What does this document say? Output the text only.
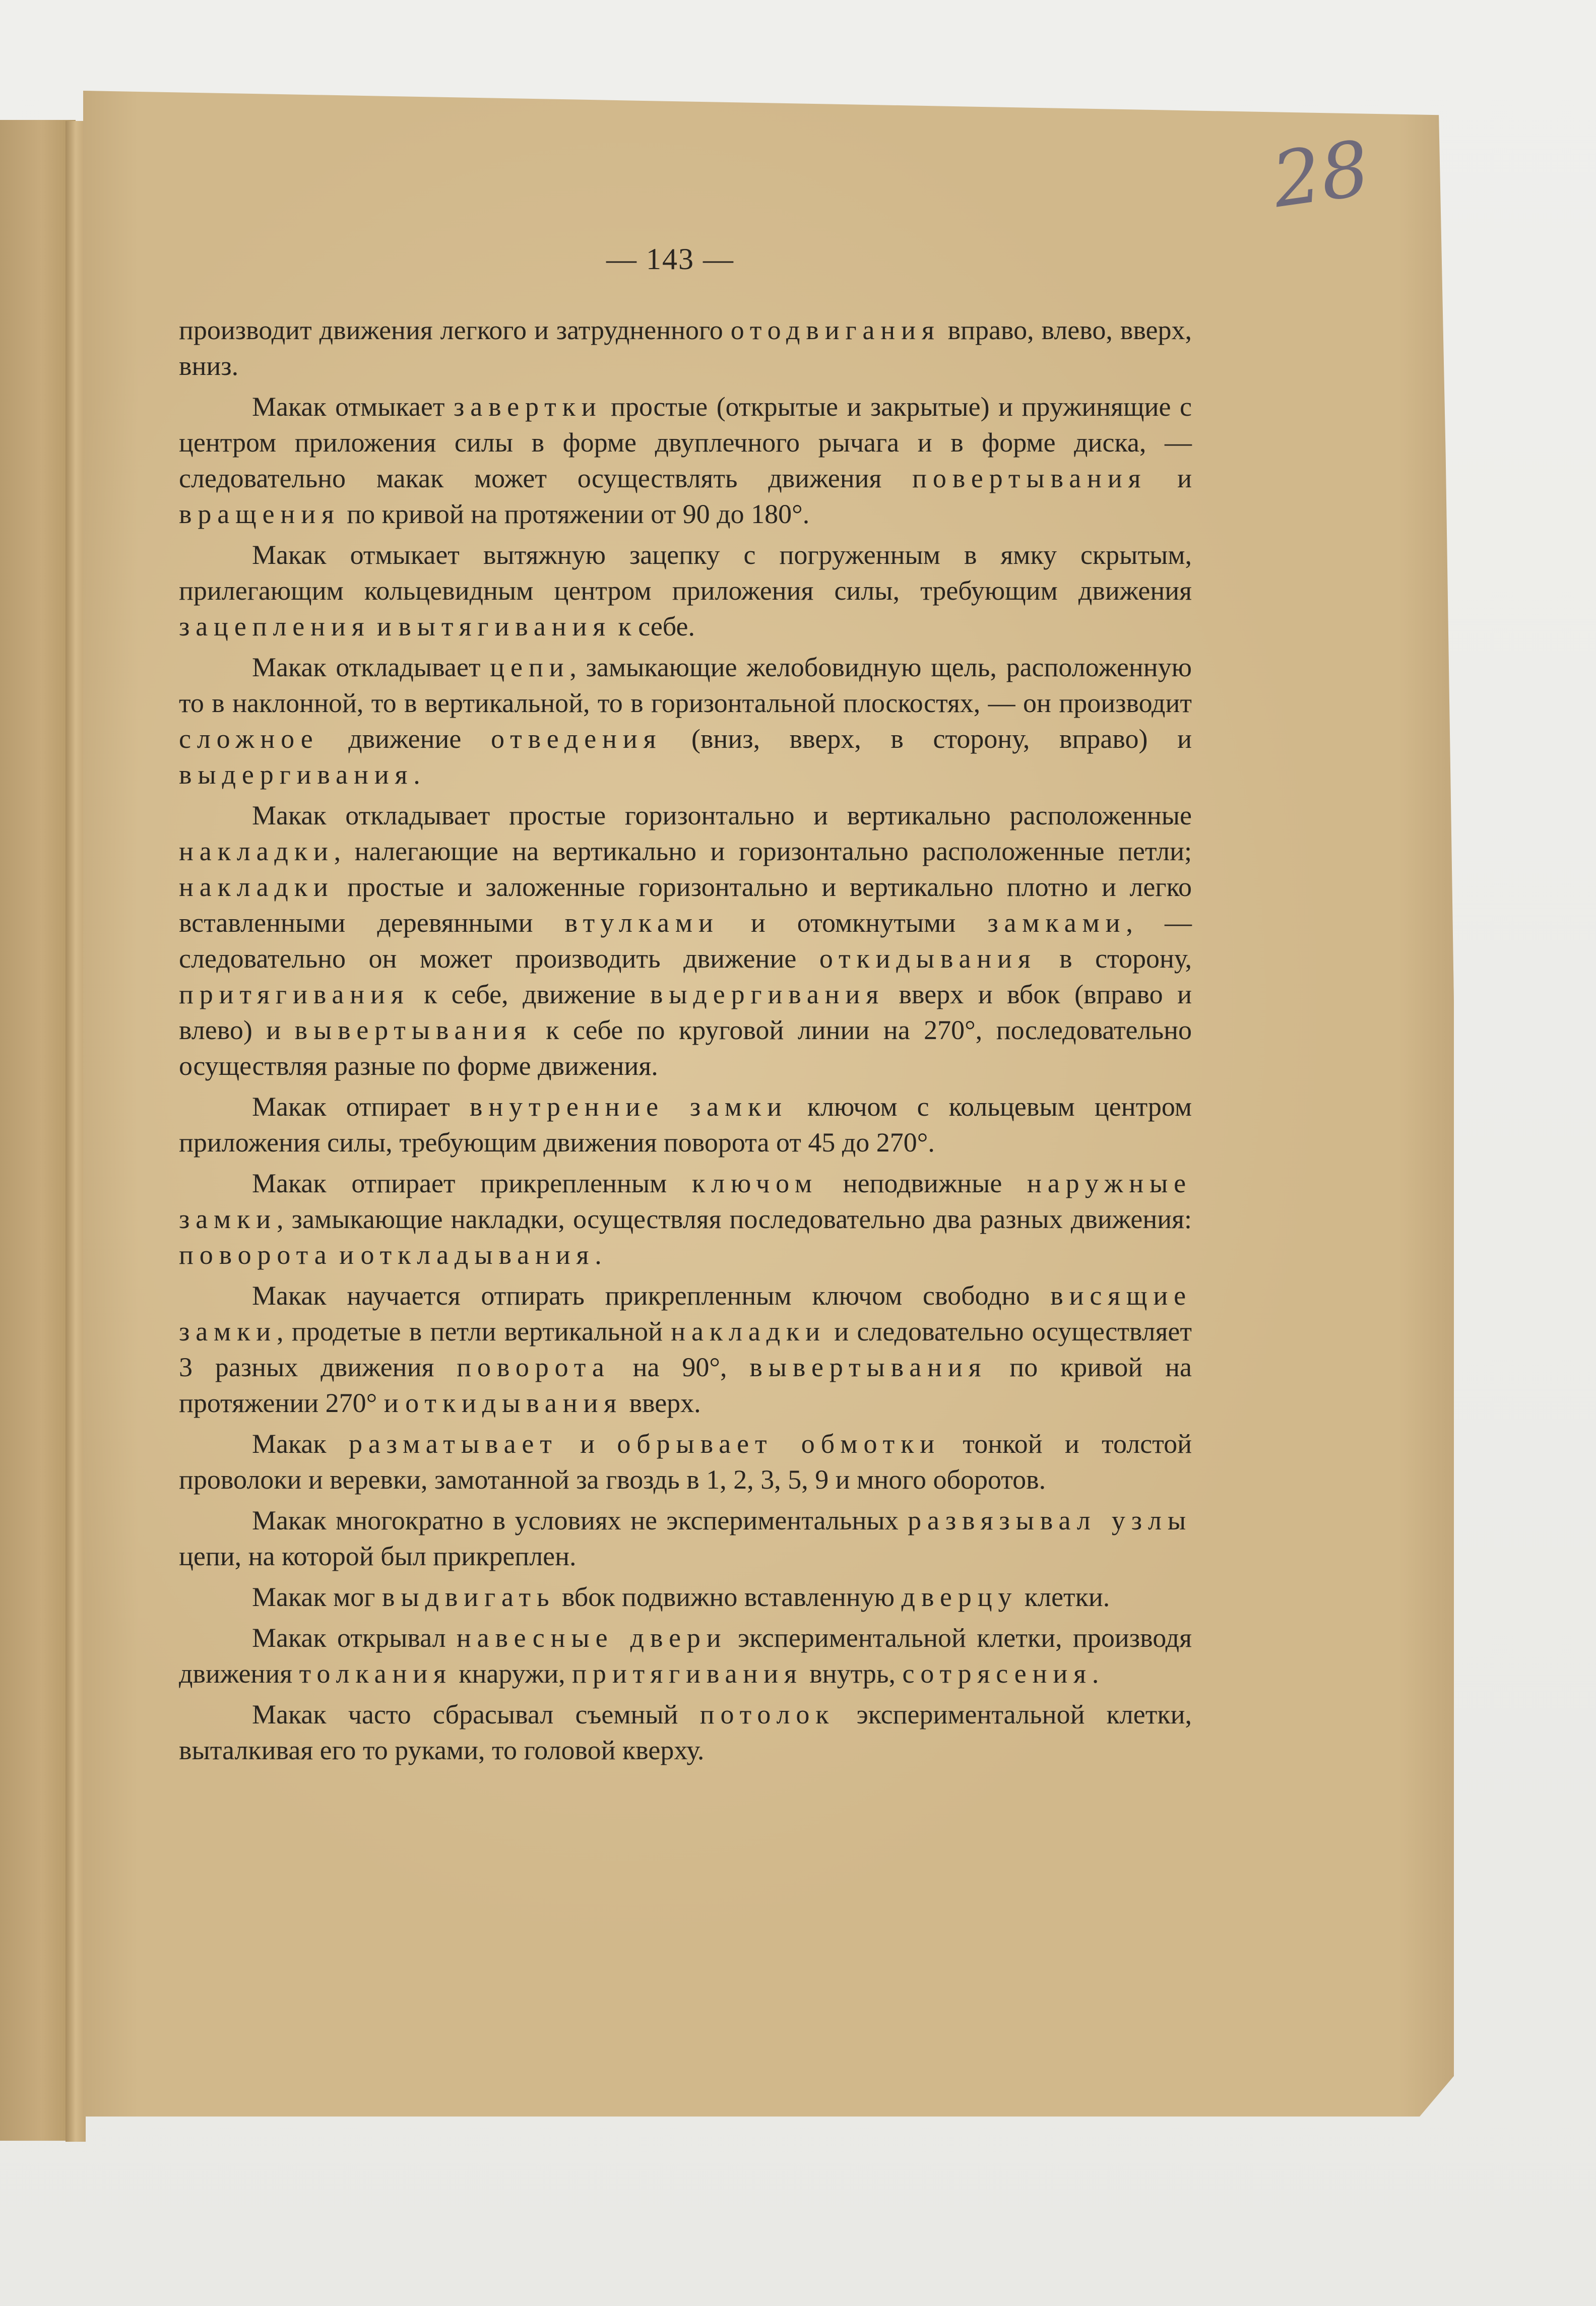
28
— 143 —

производит движения легкого и затрудненного отодвигания вправо, влево, вверх, вниз.

Макак отмыкает завертки простые (открытые и закрытые) и пружинящие с центром приложения силы в форме двуплечного рычага и в форме диска, — следовательно макак может осуществлять движения повертывания и вращения по кривой на протяжении от 90 до 180°.

Макак отмыкает вытяжную зацепку с погруженным в ямку скрытым, прилегающим кольцевидным центром приложения силы, требующим движения зацепления и вытягивания к себе.

Макак откладывает цепи, замыкающие желобовидную щель, расположенную то в наклонной, то в вертикальной, то в горизонтальной плоскостях, — он производит сложное движение отведения (вниз, вверх, в сторону, вправо) и выдергивания.

Макак откладывает простые горизонтально и вертикально расположенные накладки, налегающие на вертикально и горизонтально расположенные петли; накладки простые и заложенные горизонтально и вертикально плотно и легко вставленными деревянными втулками и отомкнутыми замками, — следовательно он может производить движение откидывания в сторону, притягивания к себе, движение выдергивания вверх и вбок (вправо и влево) и вывертывания к себе по круговой линии на 270°, последовательно осуществляя разные по форме движения.

Макак отпирает внутренние замки ключом с кольцевым центром приложения силы, требующим движения поворота от 45 до 270°.

Макак отпирает прикрепленным ключом неподвижные наружные замки, замыкающие накладки, осуществляя последовательно два разных движения: поворота и откладывания.

Макак научается отпирать прикрепленным ключом свободно висящие замки, продетые в петли вертикальной накладки и следовательно осуществляет 3 разных движения поворота на 90°, вывертывания по кривой на протяжении 270° и откидывания вверх.

Макак разматывает и обрывает обмотки тонкой и толстой проволоки и веревки, замотанной за гвоздь в 1, 2, 3, 5, 9 и много оборотов.

Макак многократно в условиях не экспериментальных развязывал узлы цепи, на которой был прикреплен.

Макак мог выдвигать вбок подвижно вставленную дверцу клетки.

Макак открывал навесные двери экспериментальной клетки, производя движения толкания кнаружи, притягивания внутрь, сотрясения.

Макак часто сбрасывал съемный потолок экспериментальной клетки, выталкивая его то руками, то головой кверху.
